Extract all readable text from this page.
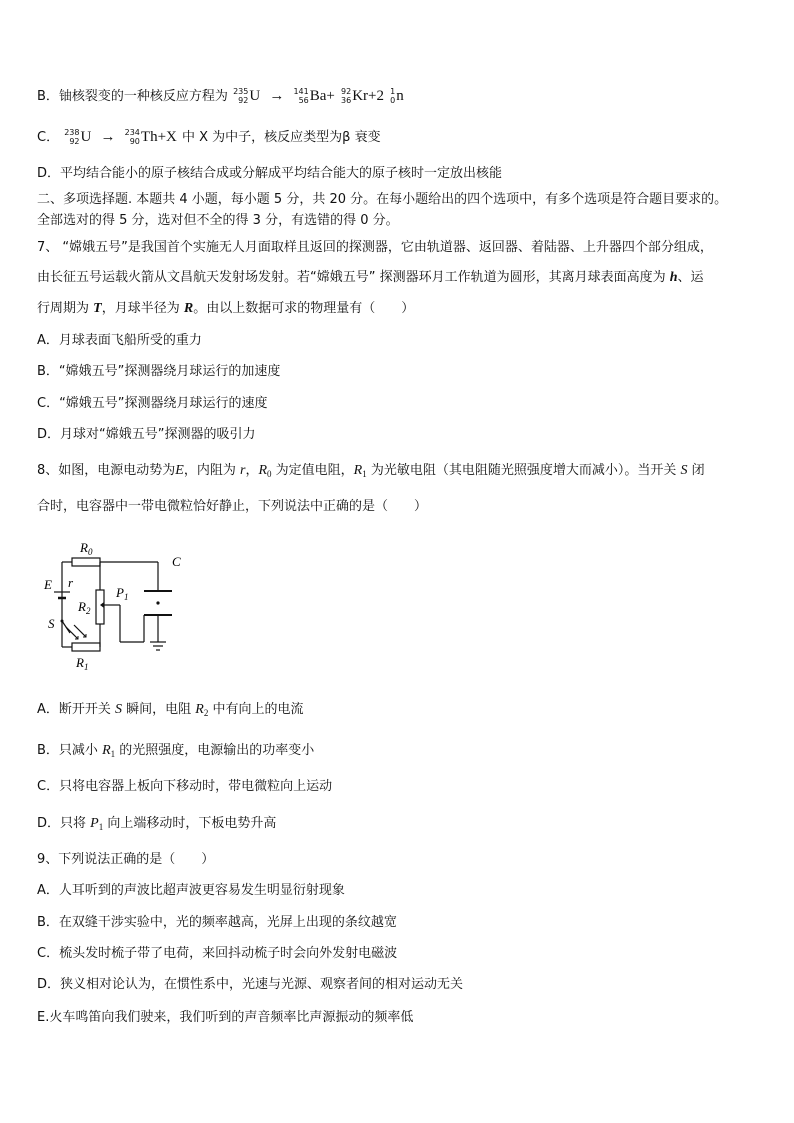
B．铀核裂变的一种核反应方程为 235
92 U → 141
56 Ba+ 92
36 Kr+2 1
0 n
C． 238
92 U → 234
90 Th+X 中 X 为中子，核反应类型为β 衰变
D．平均结合能小的原子核结合成或分解成平均结合能大的原子核时一定放出核能
二、多项选择题. 本题共 4 小题，每小题 5 分，共 20 分。在每小题给出的四个选项中，有多个选项是符合题目要求的。
全部选对的得 5 分，选对但不全的得 3 分，有选错的得 0 分。
7、 “嫦娥五号”是我国首个实施无人月面取样且返回的探测器，它由轨道器、返回器、着陆器、上升器四个部分组成，
由长征五号运载火箭从文昌航天发射场发射。若“嫦娥五号” 探测器环月工作轨道为圆形，其离月球表面高度为 h、运
行周期为 T，月球半径为 R。由以上数据可求的物理量有（　　）
A．月球表面飞船所受的重力
B．“嫦娥五号”探测器绕月球运行的加速度
C．“嫦娥五号”探测器绕月球运行的速度
D．月球对“嫦娥五号”探测器的吸引力
8、如图，电源电动势为E，内阻为 r，$R_0$ 为定值电阻，$R_1$ 为光敏电阻（其电阻随光照强度增大而减小）。当开关 S 闭
合时，电容器中一带电微粒恰好静止，下列说法中正确的是（　　）
$R_0$
C
E r
$P_1$
$R_2$
S
$R_1$
A．断开开关 S 瞬间，电阻 $R_2$ 中有向上的电流
B．只减小 $R_1$ 的光照强度，电源输出的功率变小
C．只将电容器上板向下移动时，带电微粒向上运动
D．只将 $P_1$ 向上端移动时，下板电势升高
9、下列说法正确的是（　　）
A．人耳听到的声波比超声波更容易发生明显衍射现象
B．在双缝干涉实验中，光的频率越高，光屏上出现的条纹越宽
C．梳头发时梳子带了电荷，来回抖动梳子时会向外发射电磁波
D．狭义相对论认为，在惯性系中，光速与光源、观察者间的相对运动无关
E.火车鸣笛向我们驶来，我们听到的声音频率比声源振动的频率低
